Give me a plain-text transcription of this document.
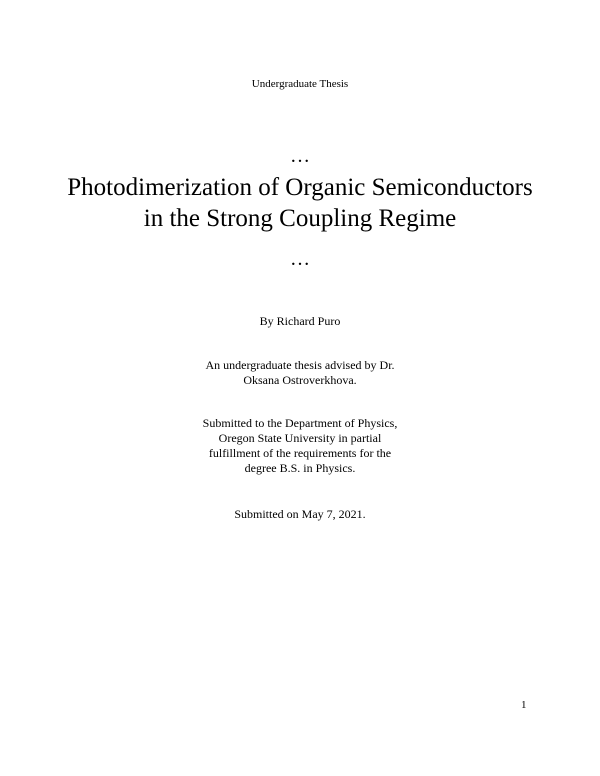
Undergraduate Thesis
…
Photodimerization of Organic Semiconductors
in the Strong Coupling Regime
…
By Richard Puro
An undergraduate thesis advised by Dr.
Oksana Ostroverkhova.
Submitted to the Department of Physics,
Oregon State University in partial
fulfillment of the requirements for the
degree B.S. in Physics.
Submitted on May 7, 2021.
1
